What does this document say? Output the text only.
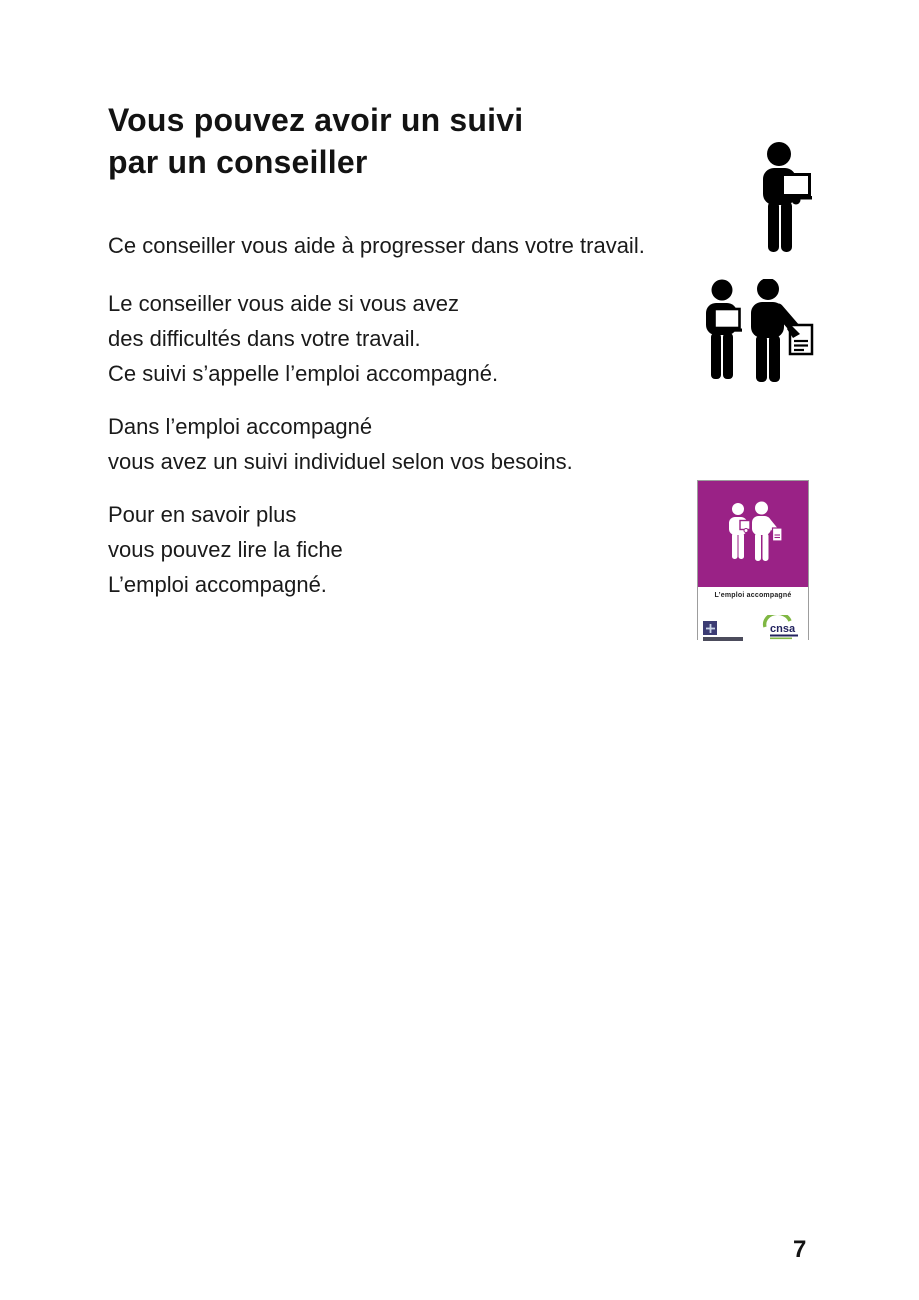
Vous pouvez avoir un suivi
par un conseiller
Ce conseiller vous aide à progresser dans votre travail.
Le conseiller vous aide si vous avez
des difficultés dans votre travail.
Ce suivi s’appelle l’emploi accompagné.
Dans l’emploi accompagné
vous avez un suivi individuel selon vos besoins.
Pour en savoir plus
vous pouvez lire la fiche
L’emploi accompagné.	L’emploi accompagné
cnsa
7
